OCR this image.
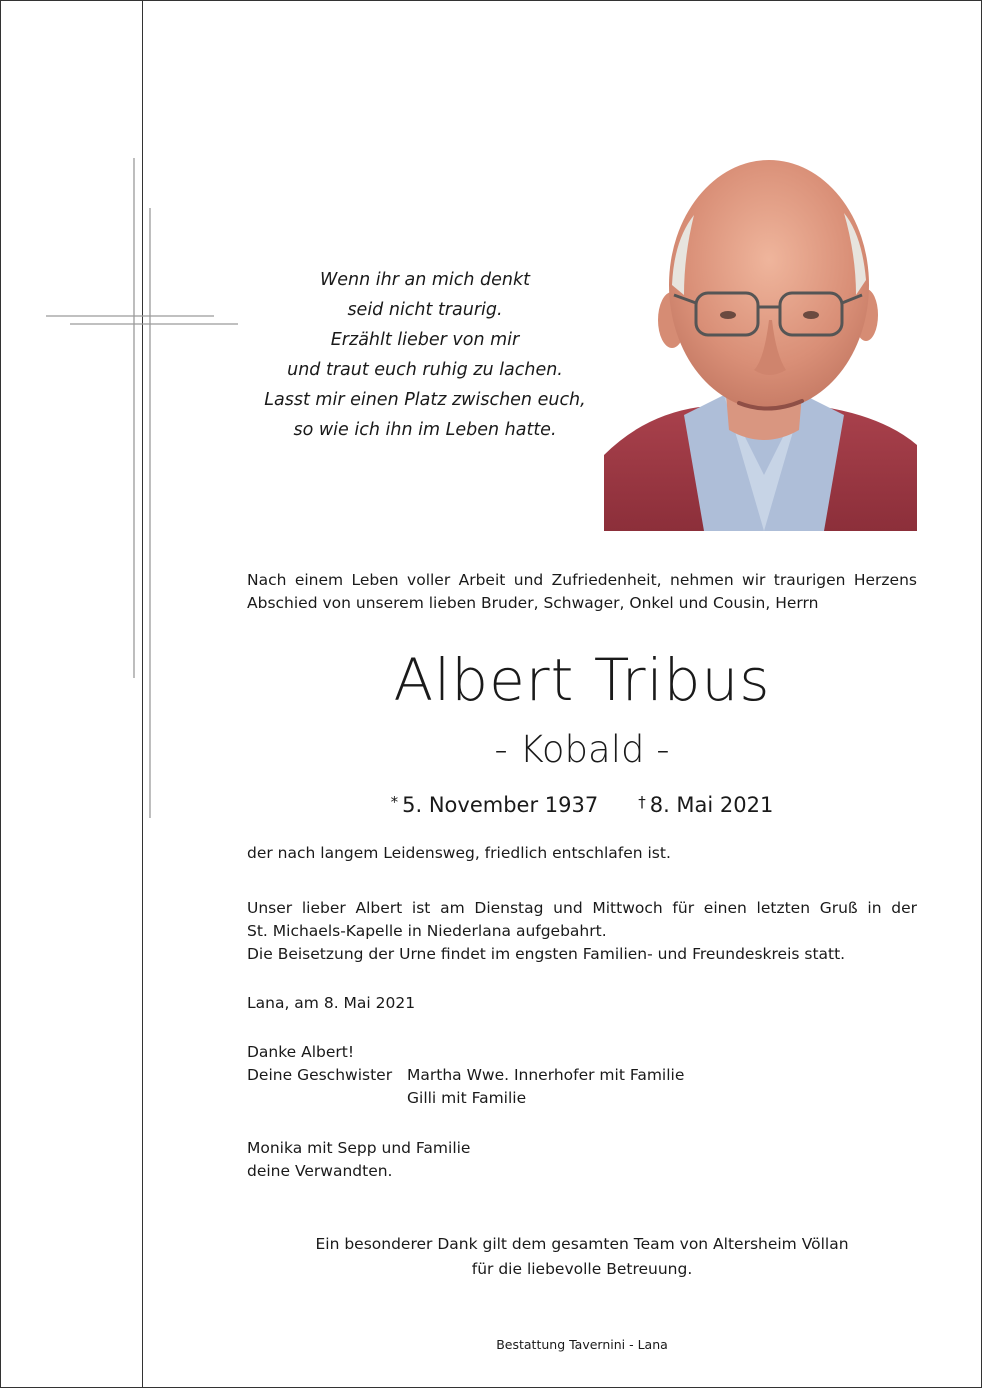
Wenn ihr an mich denkt
seid nicht traurig.
Erzählt lieber von mir
und traut euch ruhig zu lachen.
Lasst mir einen Platz zwischen euch,
so wie ich ihn im Leben hatte.
Nach einem Leben voller Arbeit und Zufriedenheit, nehmen wir traurigen Herzens
Abschied von unserem lieben Bruder, Schwager, Onkel und Cousin, Herrn
Albert Tribus
- Kobald -
* 5. November 1937	† 8. Mai 2021
der nach langem Leidensweg, friedlich entschlafen ist.
Unser lieber Albert ist am Dienstag und Mittwoch für einen letzten Gruß in der
St. Michaels-Kapelle in Niederlana aufgebahrt.
Die Beisetzung der Urne findet im engsten Familien- und Freundeskreis statt.
Lana, am 8. Mai 2021
Danke Albert!
Deine Geschwister Martha Wwe. Innerhofer mit Familie
Gilli mit Familie
Monika mit Sepp und Familie
deine Verwandten.
Ein besonderer Dank gilt dem gesamten Team von Altersheim Völlan
für die liebevolle Betreuung.
Bestattung Tavernini - Lana
